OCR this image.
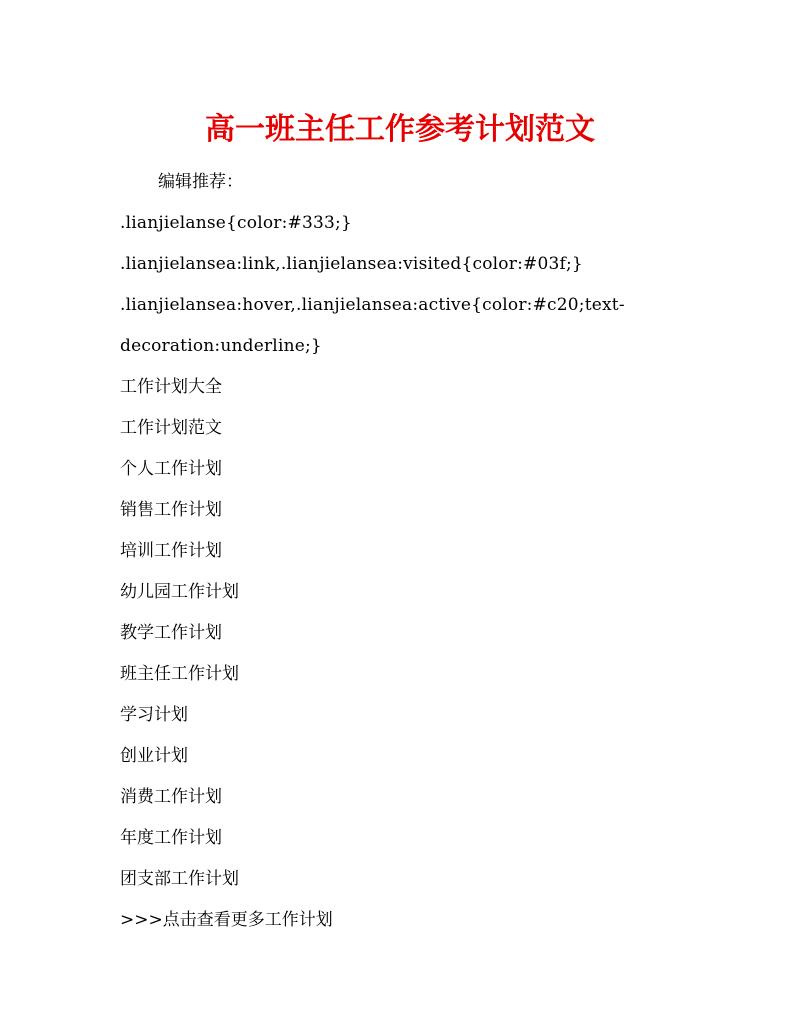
高一班主任工作参考计划范文
编辑推荐：
.lianjielanse{color:#333;}
.lianjielansea:link,.lianjielansea:visited{color:#03f;}
.lianjielansea:hover,.lianjielansea:active{color:#c20;text-
decoration:underline;}
工作计划大全
工作计划范文
个人工作计划
销售工作计划
培训工作计划
幼儿园工作计划
教学工作计划
班主任工作计划
学习计划
创业计划
消费工作计划
年度工作计划
团支部工作计划
>>>点击查看更多工作计划
